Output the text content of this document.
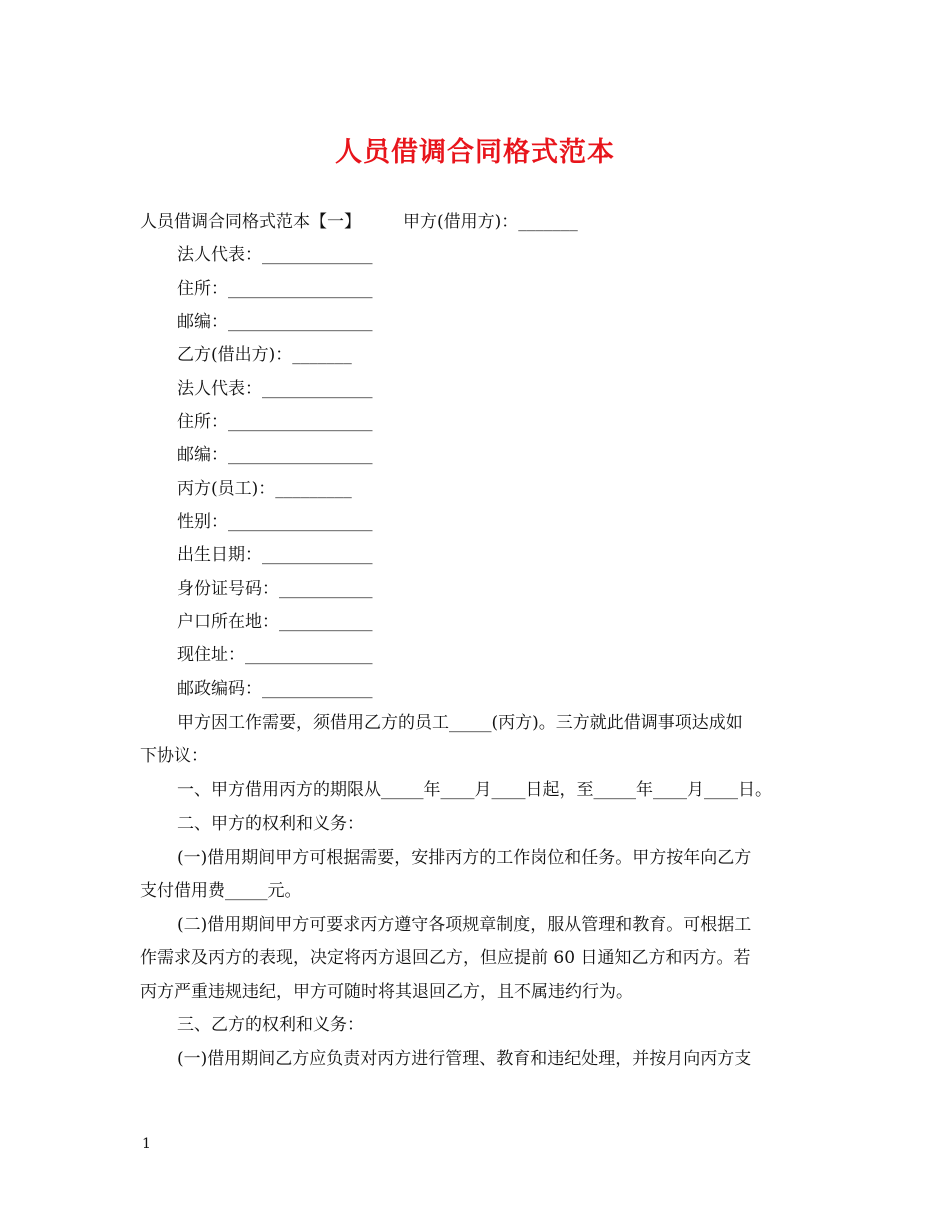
人员借调合同格式范本
人员借调合同格式范本【一】 甲方(借用方)：_______
法人代表：_____________
住所：_________________
邮编：_________________
乙方(借出方)：_______
法人代表：_____________
住所：_________________
邮编：_________________
丙方(员工)：_________
性别：_________________
出生日期：_____________
身份证号码：___________
户口所在地：___________
现住址：_______________
邮政编码：_____________
甲方因工作需要，须借用乙方的员工_____(丙方)。三方就此借调事项达成如
下协议：
一、甲方借用丙方的期限从_____年____月____日起，至_____年____月____日。
二、甲方的权利和义务：
(一)借用期间甲方可根据需要，安排丙方的工作岗位和任务。甲方按年向乙方
支付借用费_____元。
(二)借用期间甲方可要求丙方遵守各项规章制度，服从管理和教育。可根据工
作需求及丙方的表现，决定将丙方退回乙方，但应提前 60 日通知乙方和丙方。若
丙方严重违规违纪，甲方可随时将其退回乙方，且不属违约行为。
三、乙方的权利和义务：
(一)借用期间乙方应负责对丙方进行管理、教育和违纪处理，并按月向丙方支
1
